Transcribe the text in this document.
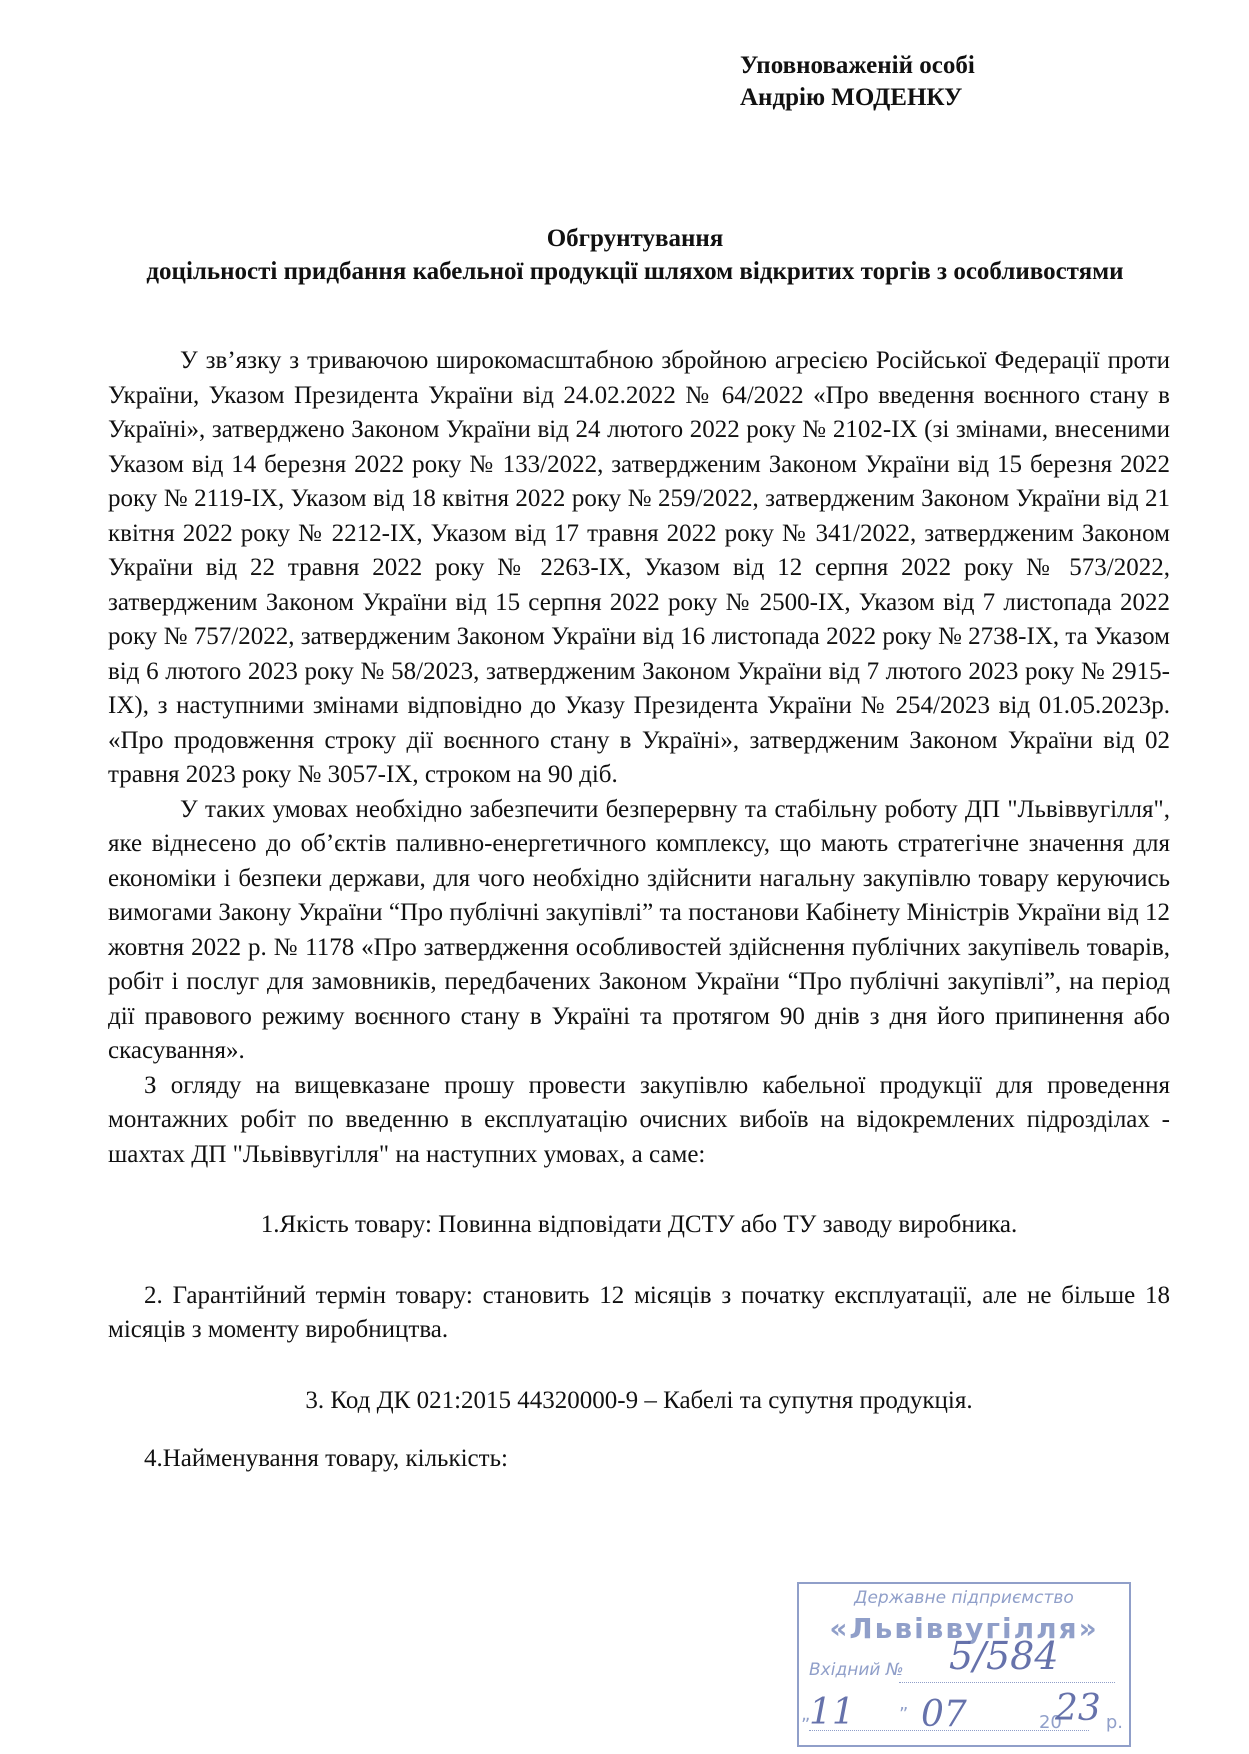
Уповноваженій особі
Андрію МОДЕНКУ
Обгрунтування
доцільності придбання кабельної продукції шляхом відкритих торгів з особливостями

У зв’язку з триваючою широкомасштабною збройною агресією Російської Федерації проти України, Указом Президента України від 24.02.2022 № 64/2022 «Про введення воєнного стану в Україні», затверджено Законом України від 24 лютого 2022 року № 2102-IX (зі змінами, внесеними Указом від 14 березня 2022 року № 133/2022, затвердженим Законом України від 15 березня 2022 року № 2119-IX, Указом від 18 квітня 2022 року № 259/2022, затвердженим Законом України від 21 квітня 2022 року № 2212-IX, Указом від 17 травня 2022 року № 341/2022, затвердженим Законом України від 22 травня 2022 року № 2263-IX, Указом від 12 серпня 2022 року № 573/2022, затвердженим Законом України від 15 серпня 2022 року № 2500-IX, Указом від 7 листопада 2022 року № 757/2022, затвердженим Законом України від 16 листопада 2022 року № 2738-IX, та Указом від 6 лютого 2023 року № 58/2023, затвердженим Законом України від 7 лютого 2023 року № 2915-IX), з наступними змінами відповідно до Указу Президента України № 254/2023 від 01.05.2023р. «Про продовження строку дії воєнного стану в Україні», затвердженим Законом України від 02 травня 2023 року № 3057-IX, строком на 90 діб.

У таких умовах необхідно забезпечити безперервну та стабільну роботу ДП "Львіввугілля", яке віднесено до об’єктів паливно-енергетичного комплексу, що мають стратегічне значення для економіки і безпеки держави, для чого необхідно здійснити нагальну закупівлю товару керуючись вимогами Закону України “Про публічні закупівлі” та постанови Кабінету Міністрів України від 12 жовтня 2022 р. № 1178 «Про затвердження особливостей здійснення публічних закупівель товарів, робіт і послуг для замовників, передбачених Законом України “Про публічні закупівлі”, на період дії правового режиму воєнного стану в Україні та протягом 90 днів з дня його припинення або скасування».

З огляду на вищевказане прошу провести закупівлю кабельної продукції для проведення монтажних робіт по введенню в експлуатацію очисних вибоїв на відокремлених підрозділах - шахтах ДП "Львіввугілля" на наступних умовах, а саме:

1.Якість товару: Повинна відповідати ДСТУ або ТУ заводу виробника.

2. Гарантійний термін товару: становить 12 місяців з початку експлуатації, але не більше 18 місяців з моменту виробництва.

3. Код ДК 021:2015 44320000-9 – Кабелі та супутня продукція.

4.Найменування товару, кількість:

Державне підприємство
«Львіввугілля»
Вхідний № 5/584
„
11 ” 07	20 р.
23
